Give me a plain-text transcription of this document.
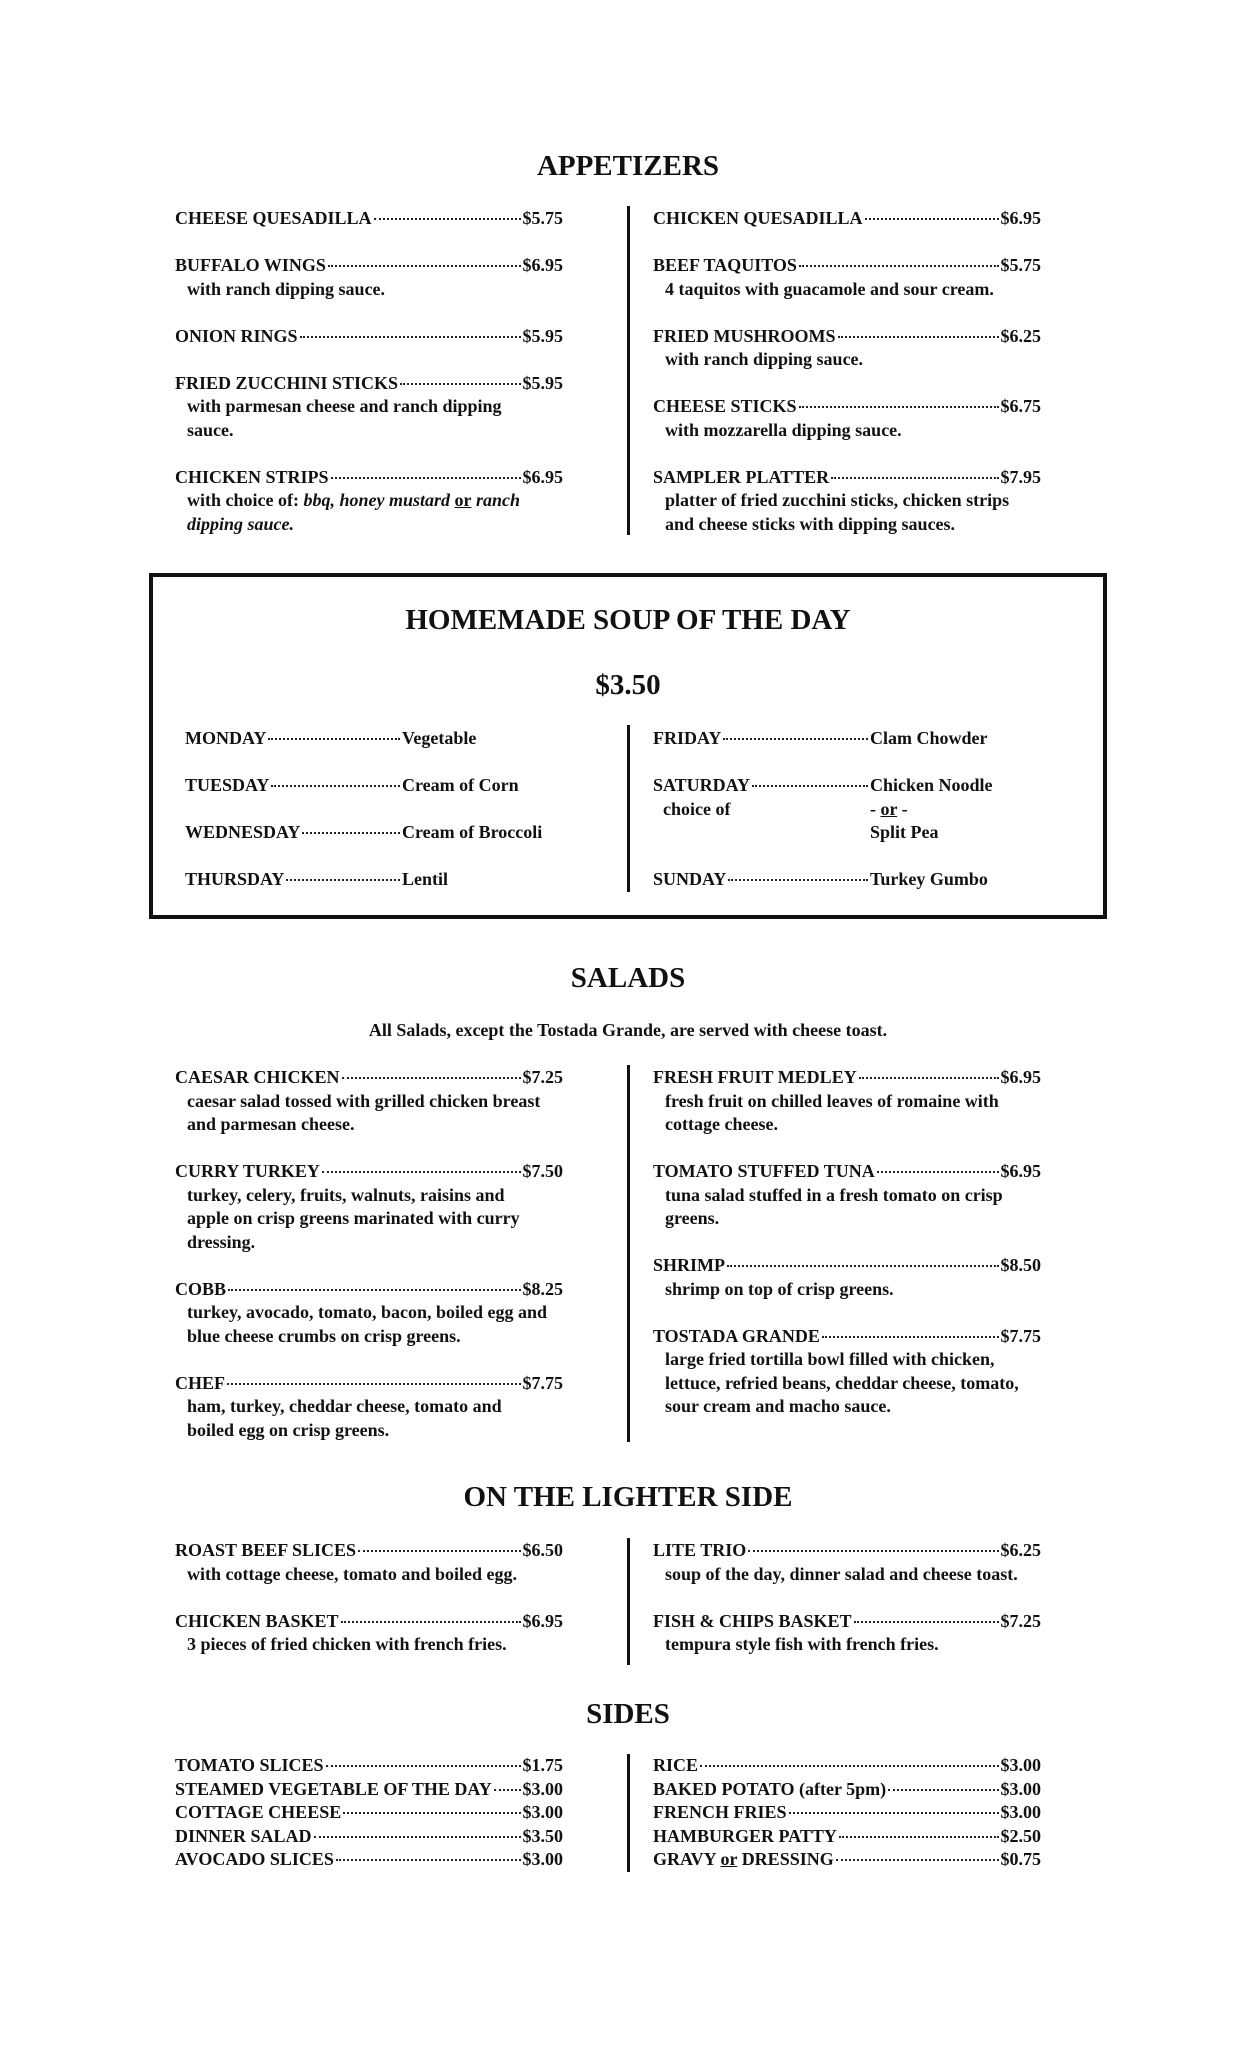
APPETIZERS
CHEESE QUESADILLA	$5.75
BUFFALO WINGS	$6.95
with ranch dipping sauce.
ONION RINGS	$5.95
FRIED ZUCCHINI STICKS	$5.95
with parmesan cheese and ranch dipping
sauce.
CHICKEN STRIPS	$6.95
with choice of: bbq, honey mustard or ranch
dipping sauce.
CHICKEN QUESADILLA	$6.95
BEEF TAQUITOS	$5.75
4 taquitos with guacamole and sour cream.
FRIED MUSHROOMS	$6.25
with ranch dipping sauce.
CHEESE STICKS	$6.75
with mozzarella dipping sauce.
SAMPLER PLATTER	$7.95
platter of fried zucchini sticks, chicken strips
and cheese sticks with dipping sauces.
HOMEMADE SOUP OF THE DAY
$3.50
MONDAY	Vegetable
TUESDAY	Cream of Corn
WEDNESDAY	Cream of Broccoli
THURSDAY	Lentil
FRIDAY	Clam Chowder
SATURDAY	Chicken Noodle
choice of	- or -
Split Pea
SUNDAY	Turkey Gumbo
SALADS
All Salads, except the Tostada Grande, are served with cheese toast.
CAESAR CHICKEN	$7.25
caesar salad tossed with grilled chicken breast
and parmesan cheese.
CURRY TURKEY	$7.50
turkey, celery, fruits, walnuts, raisins and
apple on crisp greens marinated with curry
dressing.
COBB	$8.25
turkey, avocado, tomato, bacon, boiled egg and
blue cheese crumbs on crisp greens.
CHEF	$7.75
ham, turkey, cheddar cheese, tomato and
boiled egg on crisp greens.
FRESH FRUIT MEDLEY	$6.95
fresh fruit on chilled leaves of romaine with
cottage cheese.
TOMATO STUFFED TUNA	$6.95
tuna salad stuffed in a fresh tomato on crisp
greens.
SHRIMP	$8.50
shrimp on top of crisp greens.
TOSTADA GRANDE	$7.75
large fried tortilla bowl filled with chicken,
lettuce, refried beans, cheddar cheese, tomato,
sour cream and macho sauce.
ON THE LIGHTER SIDE
ROAST BEEF SLICES	$6.50
with cottage cheese, tomato and boiled egg.
CHICKEN BASKET	$6.95
3 pieces of fried chicken with french fries.
LITE TRIO	$6.25
soup of the day, dinner salad and cheese toast.
FISH & CHIPS BASKET	$7.25
tempura style fish with french fries.
SIDES
TOMATO SLICES	$1.75
STEAMED VEGETABLE OF THE DAY $3.00
COTTAGE CHEESE	$3.00
DINNER SALAD	$3.50
AVOCADO SLICES	$3.00
RICE	$3.00
BAKED POTATO (after 5pm)	$3.00
FRENCH FRIES	$3.00
HAMBURGER PATTY	$2.50
GRAVY or DRESSING	$0.75
